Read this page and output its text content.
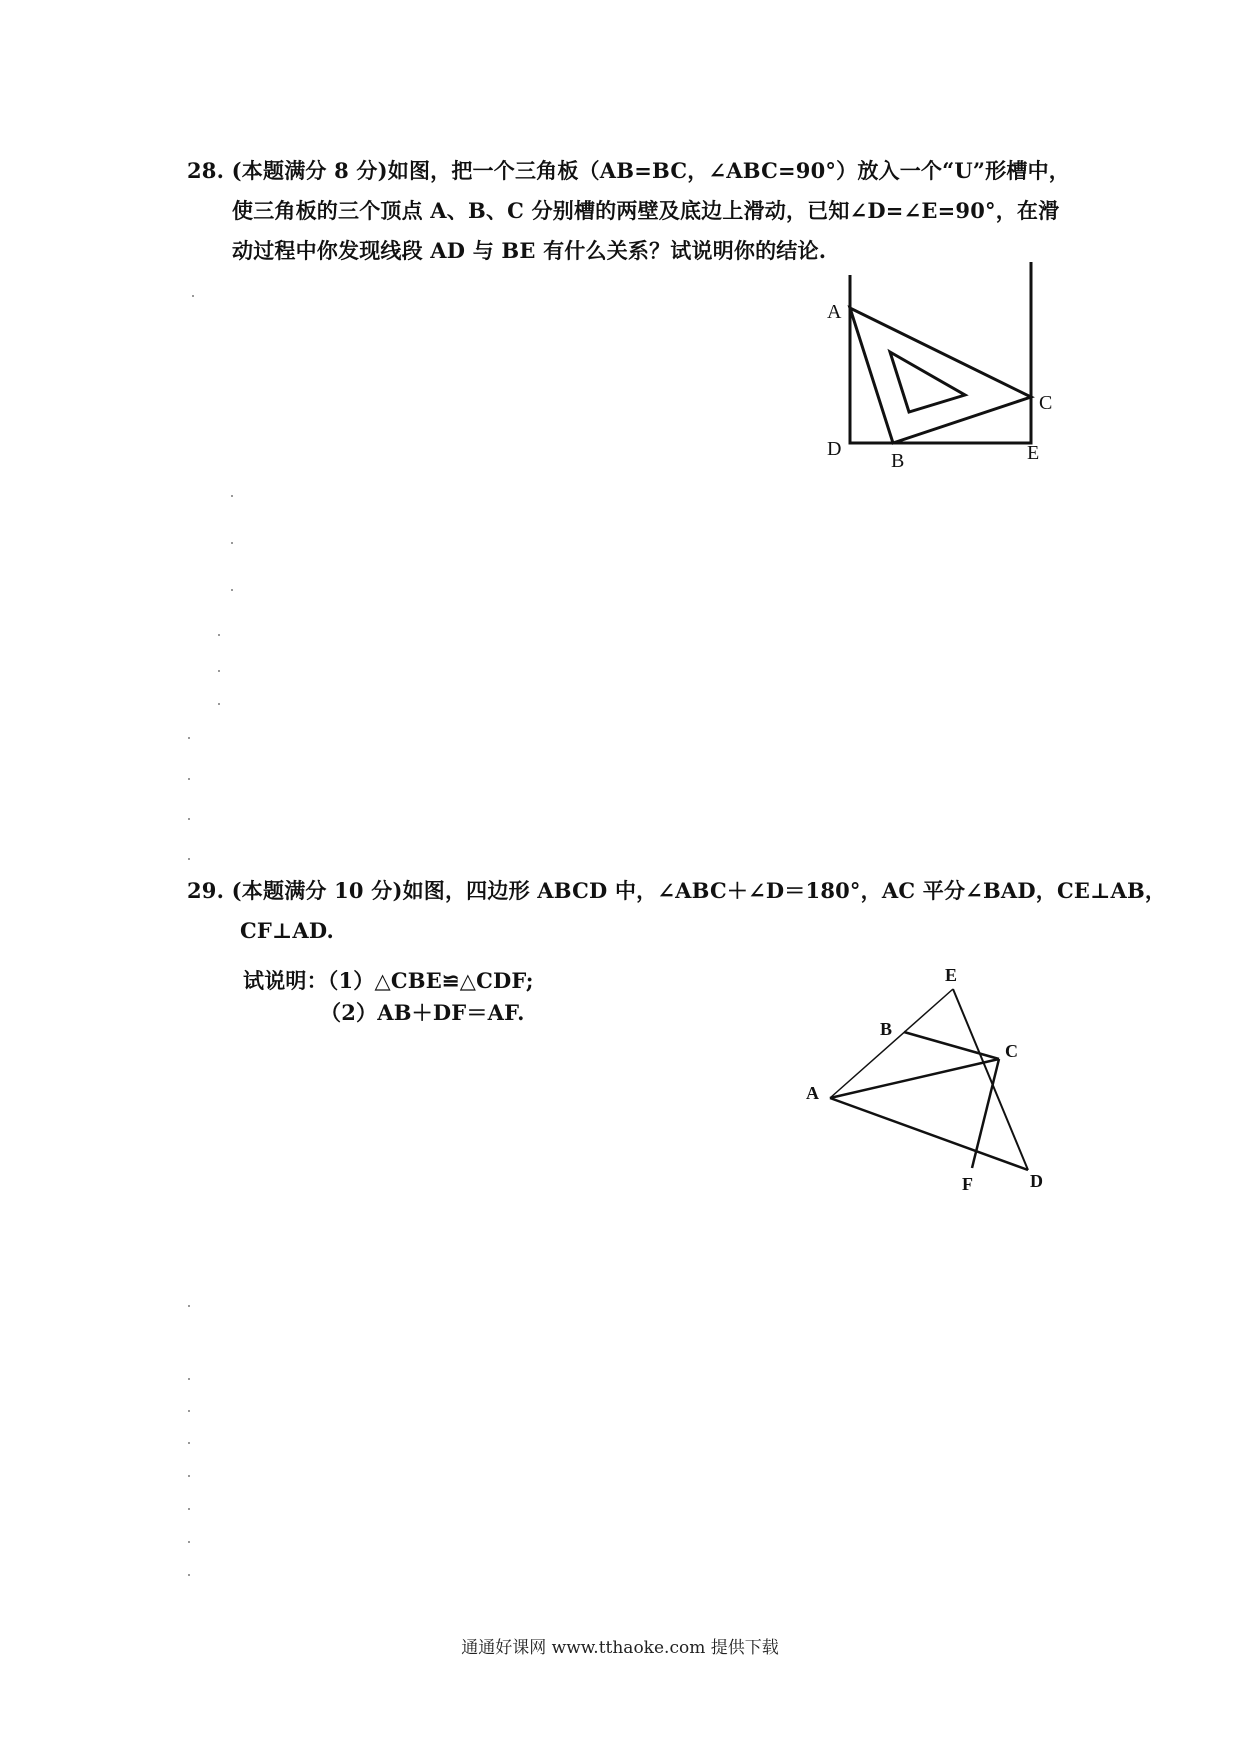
28. (本题满分 8 分)如图，把一个三角板（AB=BC，∠ABC=90°）放入一个“U”形槽中，
使三角板的三个顶点 A、B、C 分别槽的两壁及底边上滑动，已知∠D=∠E=90°，在滑
动过程中你发现线段 AD 与 BE 有什么关系？试说明你的结论.
A
C
D
B	E
29. (本题满分 10 分)如图，四边形 ABCD 中，∠ABC＋∠D＝180°，AC 平分∠BAD，CE⊥AB，
CF⊥AD.
试说明：（1）△CBE≌△CDF;
（2）AB＋DF＝AF.
E
B
C
A
F	D
通通好课网 www.tthaoke.com 提供下载
